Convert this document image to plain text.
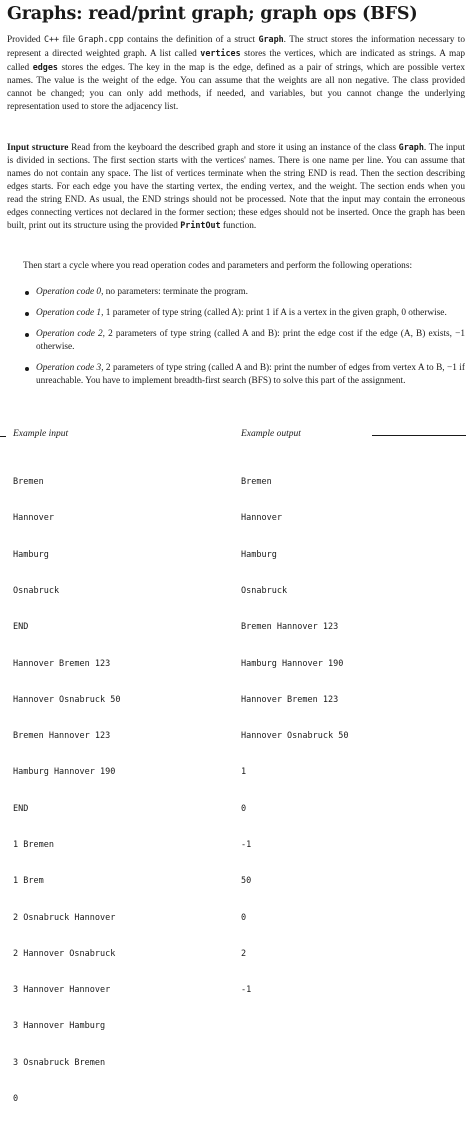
Graphs: read/print graph; graph ops (BFS)

Provided C++ file Graph.cpp contains the definition of a struct Graph. The struct stores the information necessary to represent a directed weighted graph. A list called vertices stores the vertices, which are indicated as strings. A map called edges stores the edges. The key in the map is the edge, defined as a pair of strings, which are possible vertex names. The value is the weight of the edge. You can assume that the weights are all non negative. The class provided cannot be changed; you can only add methods, if needed, and variables, but you cannot change the underlying representation used to store the adjacency list.

Input structure Read from the keyboard the described graph and store it using an instance of the class Graph. The input is divided in sections. The first section starts with the vertices' names. There is one name per line. You can assume that names do not contain any space. The list of vertices terminate when the string END is read. Then the section describing edges starts. For each edge you have the starting vertex, the ending vertex, and the weight. The section ends when you read the string END. As usual, the END strings should not be processed. Note that the input may contain the erroneous edges connecting vertices not declared in the former section; these edges should not be inserted. Once the graph has been built, print out its structure using the provided PrintOut function.

Then start a cycle where you read operation codes and parameters and perform the following operations:

Operation code 0, no parameters: terminate the program.
Operation code 1, 1 parameter of type string (called A): print 1 if A is a vertex in the given graph, 0 otherwise.
Operation code 2, 2 parameters of type string (called A and B): print the edge cost if the edge (A, B) exists, −1 otherwise.
Operation code 3, 2 parameters of type string (called A and B): print the number of edges from vertex A to B, −1 if unreachable. You have to implement breadth-first search (BFS) to solve this part of the assignment.
Example input	Example output

Bremen

Hannover

Hamburg

Osnabruck

END

Hannover Bremen 123

Hannover Osnabruck 50

Bremen Hannover 123

Hamburg Hannover 190

END

1 Bremen

1 Brem

2 Osnabruck Hannover

2 Hannover Osnabruck

3 Hannover Hannover

3 Hannover Hamburg

3 Osnabruck Bremen

0

Bremen

Hannover

Hamburg

Osnabruck

Bremen Hannover 123

Hamburg Hannover 190

Hannover Bremen 123

Hannover Osnabruck 50

1

0

-1

50

0

2

-1
